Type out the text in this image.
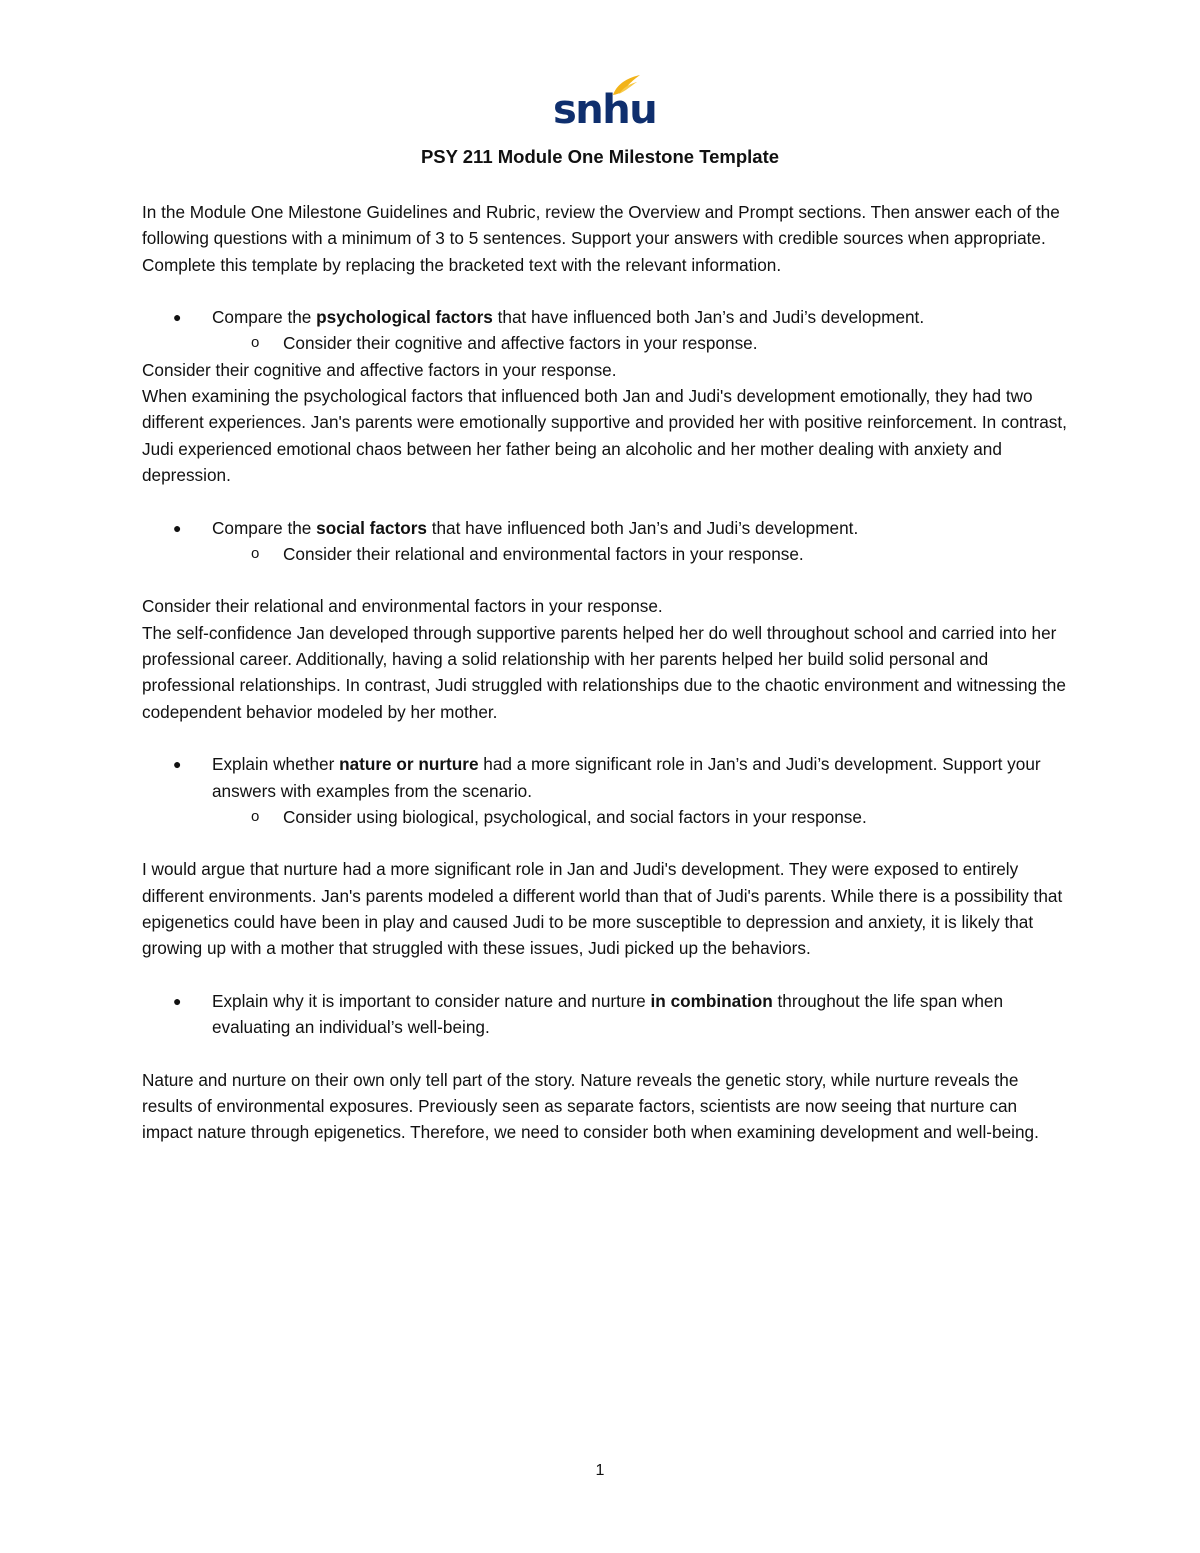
snhu
PSY 211 Module One Milestone Template

In the Module One Milestone Guidelines and Rubric, review the Overview and Prompt sections. Then answer each of the following questions with a minimum of 3 to 5 sentences. Support your answers with credible sources when appropriate. Complete this template by replacing the bracketed text with the relevant information.

● Compare the psychological factors that have influenced both Jan’s and Judi’s development.
o Consider their cognitive and affective factors in your response.

Consider their cognitive and affective factors in your response.

When examining the psychological factors that influenced both Jan and Judi's development emotionally, they had two different experiences. Jan's parents were emotionally supportive and provided her with positive reinforcement. In contrast, Judi experienced emotional chaos between her father being an alcoholic and her mother dealing with anxiety and depression.

● Compare the social factors that have influenced both Jan’s and Judi’s development.
o Consider their relational and environmental factors in your response.

Consider their relational and environmental factors in your response.

The self-confidence Jan developed through supportive parents helped her do well throughout school and carried into her professional career. Additionally, having a solid relationship with her parents helped her build solid personal and professional relationships. In contrast, Judi struggled with relationships due to the chaotic environment and witnessing the codependent behavior modeled by her mother.

● Explain whether nature or nurture had a more significant role in Jan’s and Judi’s development. Support your answers with examples from the scenario.
o Consider using biological, psychological, and social factors in your response.

I would argue that nurture had a more significant role in Jan and Judi's development. They were exposed to entirely different environments. Jan's parents modeled a different world than that of Judi's parents. While there is a possibility that epigenetics could have been in play and caused Judi to be more susceptible to depression and anxiety, it is likely that growing up with a mother that struggled with these issues, Judi picked up the behaviors.

● Explain why it is important to consider nature and nurture in combination throughout the life span when evaluating an individual’s well-being.

Nature and nurture on their own only tell part of the story. Nature reveals the genetic story, while nurture reveals the results of environmental exposures. Previously seen as separate factors, scientists are now seeing that nurture can impact nature through epigenetics. Therefore, we need to consider both when examining development and well-being.

1
